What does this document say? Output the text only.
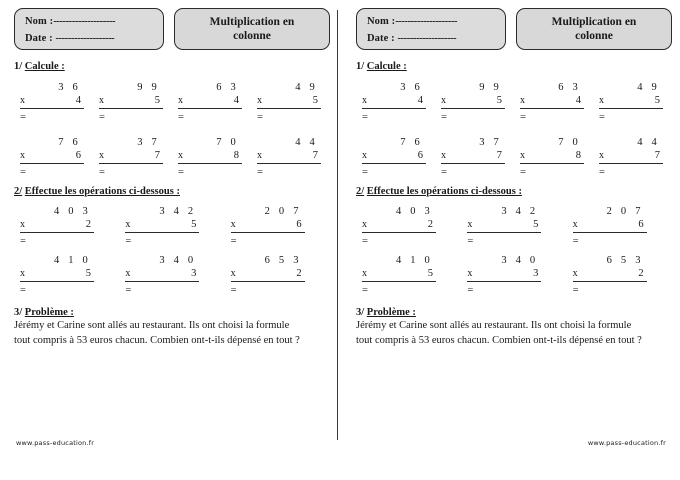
Nom :--------------------
Date : -------------------
Multiplication en
colonne
1/ Calcule :
3 6
x	4
=
9 9
x	5
=
6 3
x	4
=
4 9
x	5
=
7 6
x	6
=
3 7
x	7
=
7 0
x	8
=
4 4
x	7
=
2/ Effectue les opérations ci-dessous :
4 0 3
x	2
=
3 4 2
x	5
=
2 0 7
x	6
=
4 1 0
x	5
=
3 4 0
x	3
=
6 5 3
x	2
=
3/ Problème :
Jérémy et Carine sont allés au restaurant. Ils ont choisi la formule
tout compris à 53 euros chacun. Combien ont-t-ils dépensé en tout ?
www.pass-education.fr
Nom :--------------------
Date : -------------------
Multiplication en
colonne
1/ Calcule :
3 6
x	4
=
9 9
x	5
=
6 3
x	4
=
4 9
x	5
=
7 6
x	6
=
3 7
x	7
=
7 0
x	8
=
4 4
x	7
=
2/ Effectue les opérations ci-dessous :
4 0 3
x	2
=
3 4 2
x	5
=
2 0 7
x	6
=
4 1 0
x	5
=
3 4 0
x	3
=
6 5 3
x	2
=
3/ Problème :
Jérémy et Carine sont allés au restaurant. Ils ont choisi la formule
tout compris à 53 euros chacun. Combien ont-t-ils dépensé en tout ?
www.pass-education.fr
